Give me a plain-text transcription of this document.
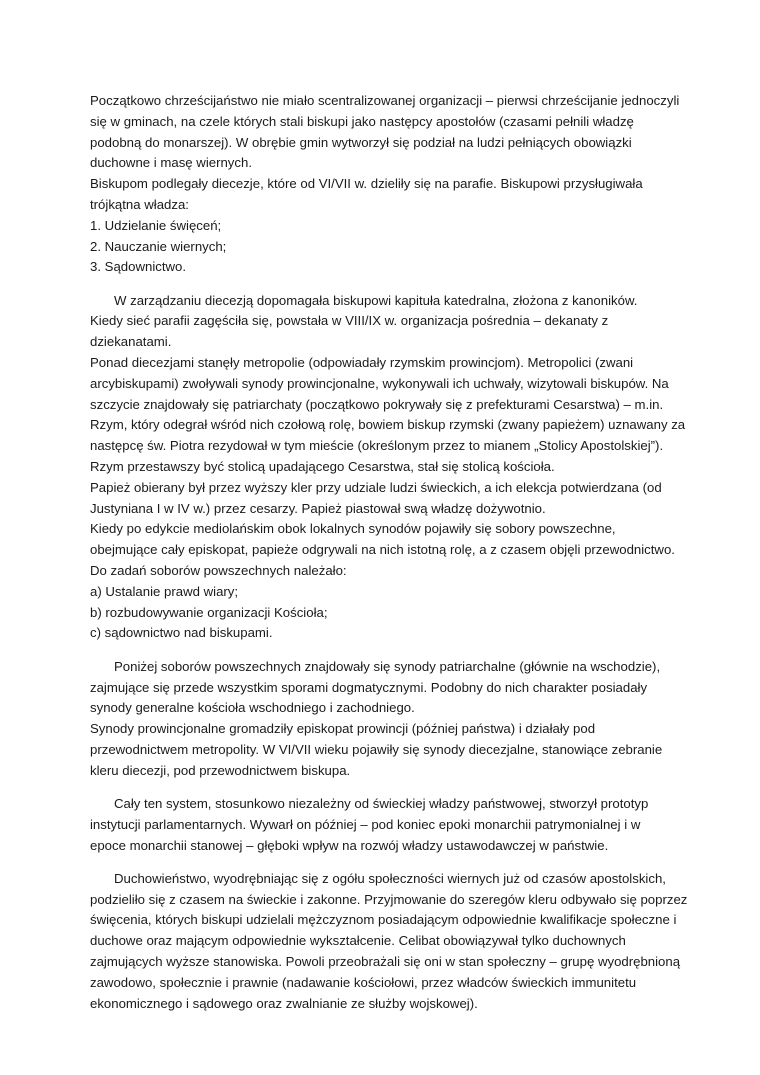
Początkowo chrześcijaństwo nie miało scentralizowanej organizacji – pierwsi chrześcijanie jednoczyli
się w gminach, na czele których stali biskupi jako następcy apostołów (czasami pełnili władzę
podobną do monarszej). W obrębie gmin wytworzył się podział na ludzi pełniących obowiązki
duchowne i masę wiernych.
Biskupom podlegały diecezje, które od VI/VII w. dzieliły się na parafie. Biskupowi przysługiwała
trójkątna władza:
1. Udzielanie święceń;
2. Nauczanie wiernych;
3. Sądownictwo.
W zarządzaniu diecezją dopomagała biskupowi kapituła katedralna, złożona z kanoników.
Kiedy sieć parafii zagęściła się, powstała w VIII/IX w. organizacja pośrednia – dekanaty z
dziekanatami.
Ponad diecezjami stanęły metropolie (odpowiadały rzymskim prowincjom). Metropolici (zwani
arcybiskupami) zwoływali synody prowincjonalne, wykonywali ich uchwały, wizytowali biskupów. Na
szczycie znajdowały się patriarchaty (początkowo pokrywały się z prefekturami Cesarstwa) – m.in.
Rzym, który odegrał wśród nich czołową rolę, bowiem biskup rzymski (zwany papieżem) uznawany za
następcę św. Piotra rezydował w tym mieście (określonym przez to mianem „Stolicy Apostolskiej”).
Rzym przestawszy być stolicą upadającego Cesarstwa, stał się stolicą kościoła.
Papież obierany był przez wyższy kler przy udziale ludzi świeckich, a ich elekcja potwierdzana (od
Justyniana I w IV w.) przez cesarzy. Papież piastował swą władzę dożywotnio.
Kiedy po edykcie mediolańskim obok lokalnych synodów pojawiły się sobory powszechne,
obejmujące cały episkopat, papieże odgrywali na nich istotną rolę, a z czasem objęli przewodnictwo.
Do zadań soborów powszechnych należało:
a) Ustalanie prawd wiary;
b) rozbudowywanie organizacji Kościoła;
c) sądownictwo nad biskupami.
Poniżej soborów powszechnych znajdowały się synody patriarchalne (głównie na wschodzie),
zajmujące się przede wszystkim sporami dogmatycznymi. Podobny do nich charakter posiadały
synody generalne kościoła wschodniego i zachodniego.
Synody prowincjonalne gromadziły episkopat prowincji (później państwa) i działały pod
przewodnictwem metropolity. W VI/VII wieku pojawiły się synody diecezjalne, stanowiące zebranie
kleru diecezji, pod przewodnictwem biskupa.
Cały ten system, stosunkowo niezależny od świeckiej władzy państwowej, stworzył prototyp
instytucji parlamentarnych. Wywarł on później – pod koniec epoki monarchii patrymonialnej i w
epoce monarchii stanowej – głęboki wpływ na rozwój władzy ustawodawczej w państwie.
Duchowieństwo, wyodrębniając się z ogółu społeczności wiernych już od czasów apostolskich,
podzieliło się z czasem na świeckie i zakonne. Przyjmowanie do szeregów kleru odbywało się poprzez
święcenia, których biskupi udzielali mężczyznom posiadającym odpowiednie kwalifikacje społeczne i
duchowe oraz mającym odpowiednie wykształcenie. Celibat obowiązywał tylko duchownych
zajmujących wyższe stanowiska. Powoli przeobrażali się oni w stan społeczny – grupę wyodrębnioną
zawodowo, społecznie i prawnie (nadawanie kościołowi, przez władców świeckich immunitetu
ekonomicznego i sądowego oraz zwalnianie ze służby wojskowej).
